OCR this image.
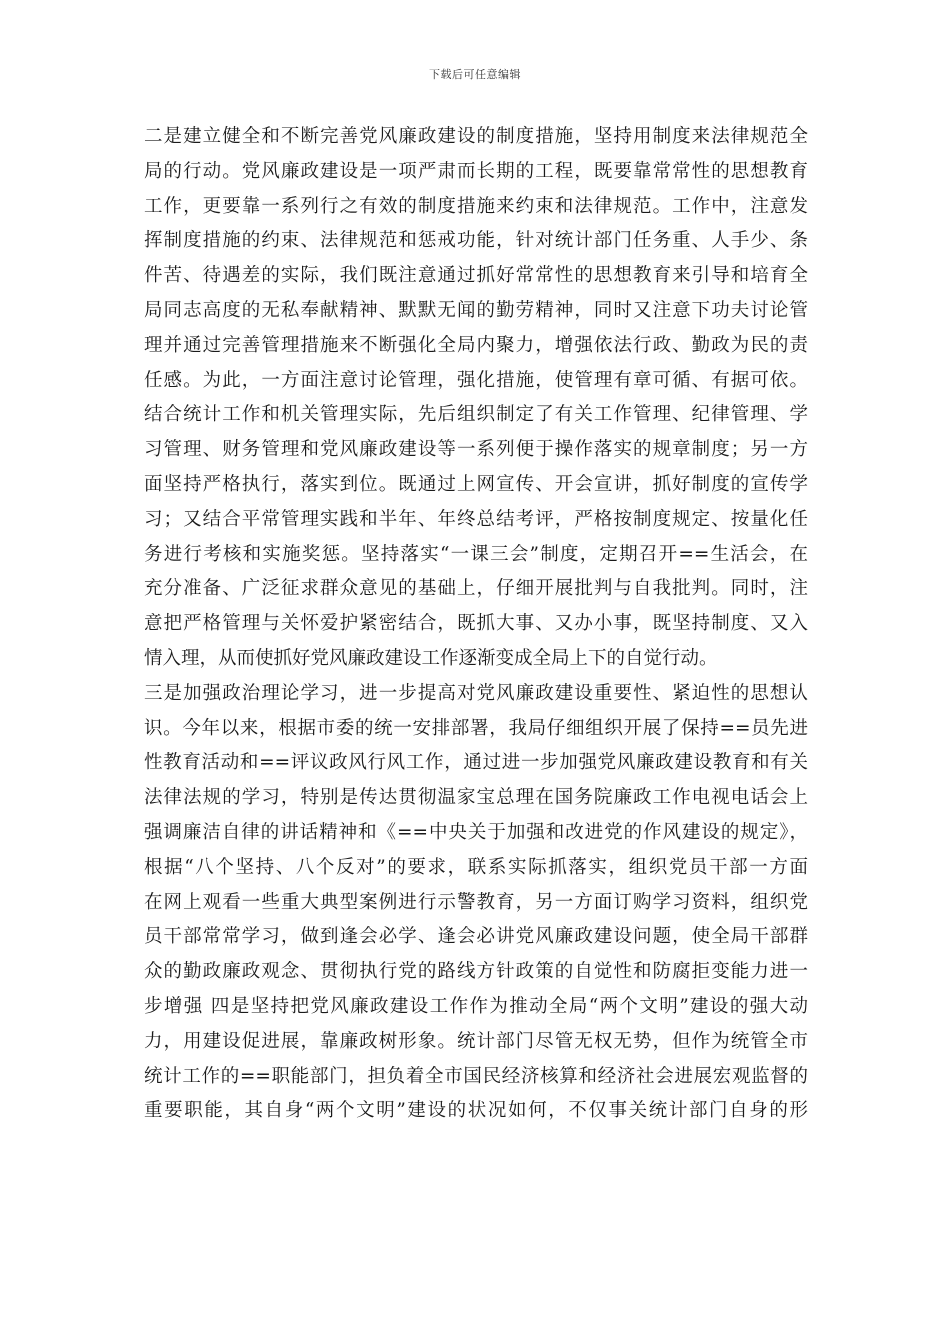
下载后可任意编辑
二是建立健全和不断完善党风廉政建设的制度措施，坚持用制度来法律规范全
局的行动。党风廉政建设是一项严肃而长期的工程，既要靠常常性的思想教育
工作，更要靠一系列行之有效的制度措施来约束和法律规范。工作中，注意发
挥制度措施的约束、法律规范和惩戒功能，针对统计部门任务重、人手少、条
件苦、待遇差的实际，我们既注意通过抓好常常性的思想教育来引导和培育全
局同志高度的无私奉献精神、默默无闻的勤劳精神，同时又注意下功夫讨论管
理并通过完善管理措施来不断强化全局内聚力，增强依法行政、勤政为民的责
任感。为此，一方面注意讨论管理，强化措施，使管理有章可循、有据可依。
结合统计工作和机关管理实际，先后组织制定了有关工作管理、纪律管理、学
习管理、财务管理和党风廉政建设等一系列便于操作落实的规章制度；另一方
面坚持严格执行，落实到位。既通过上网宣传、开会宣讲，抓好制度的宣传学
习；又结合平常管理实践和半年、年终总结考评，严格按制度规定、按量化任
务进行考核和实施奖惩。坚持落实“一课三会”制度，定期召开==生活会，在
充分准备、广泛征求群众意见的基础上，仔细开展批判与自我批判。同时，注
意把严格管理与关怀爱护紧密结合，既抓大事、又办小事，既坚持制度、又入
情入理，从而使抓好党风廉政建设工作逐渐变成全局上下的自觉行动。
三是加强政治理论学习，进一步提高对党风廉政建设重要性、紧迫性的思想认
识。今年以来，根据市委的统一安排部署，我局仔细组织开展了保持==员先进
性教育活动和==评议政风行风工作，通过进一步加强党风廉政建设教育和有关
法律法规的学习，特别是传达贯彻温家宝总理在国务院廉政工作电视电话会上
强调廉洁自律的讲话精神和《==中央关于加强和改进党的作风建设的规定》，
根据“八个坚持、八个反对”的要求，联系实际抓落实，组织党员干部一方面
在网上观看一些重大典型案例进行示警教育，另一方面订购学习资料，组织党
员干部常常学习，做到逢会必学、逢会必讲党风廉政建设问题，使全局干部群
众的勤政廉政观念、贯彻执行党的路线方针政策的自觉性和防腐拒变能力进一
步增强 四是坚持把党风廉政建设工作作为推动全局“两个文明”建设的强大动
力，用建设促进展，靠廉政树形象。统计部门尽管无权无势，但作为统管全市
统计工作的==职能部门，担负着全市国民经济核算和经济社会进展宏观监督的
重要职能，其自身“两个文明”建设的状况如何，不仅事关统计部门自身的形
